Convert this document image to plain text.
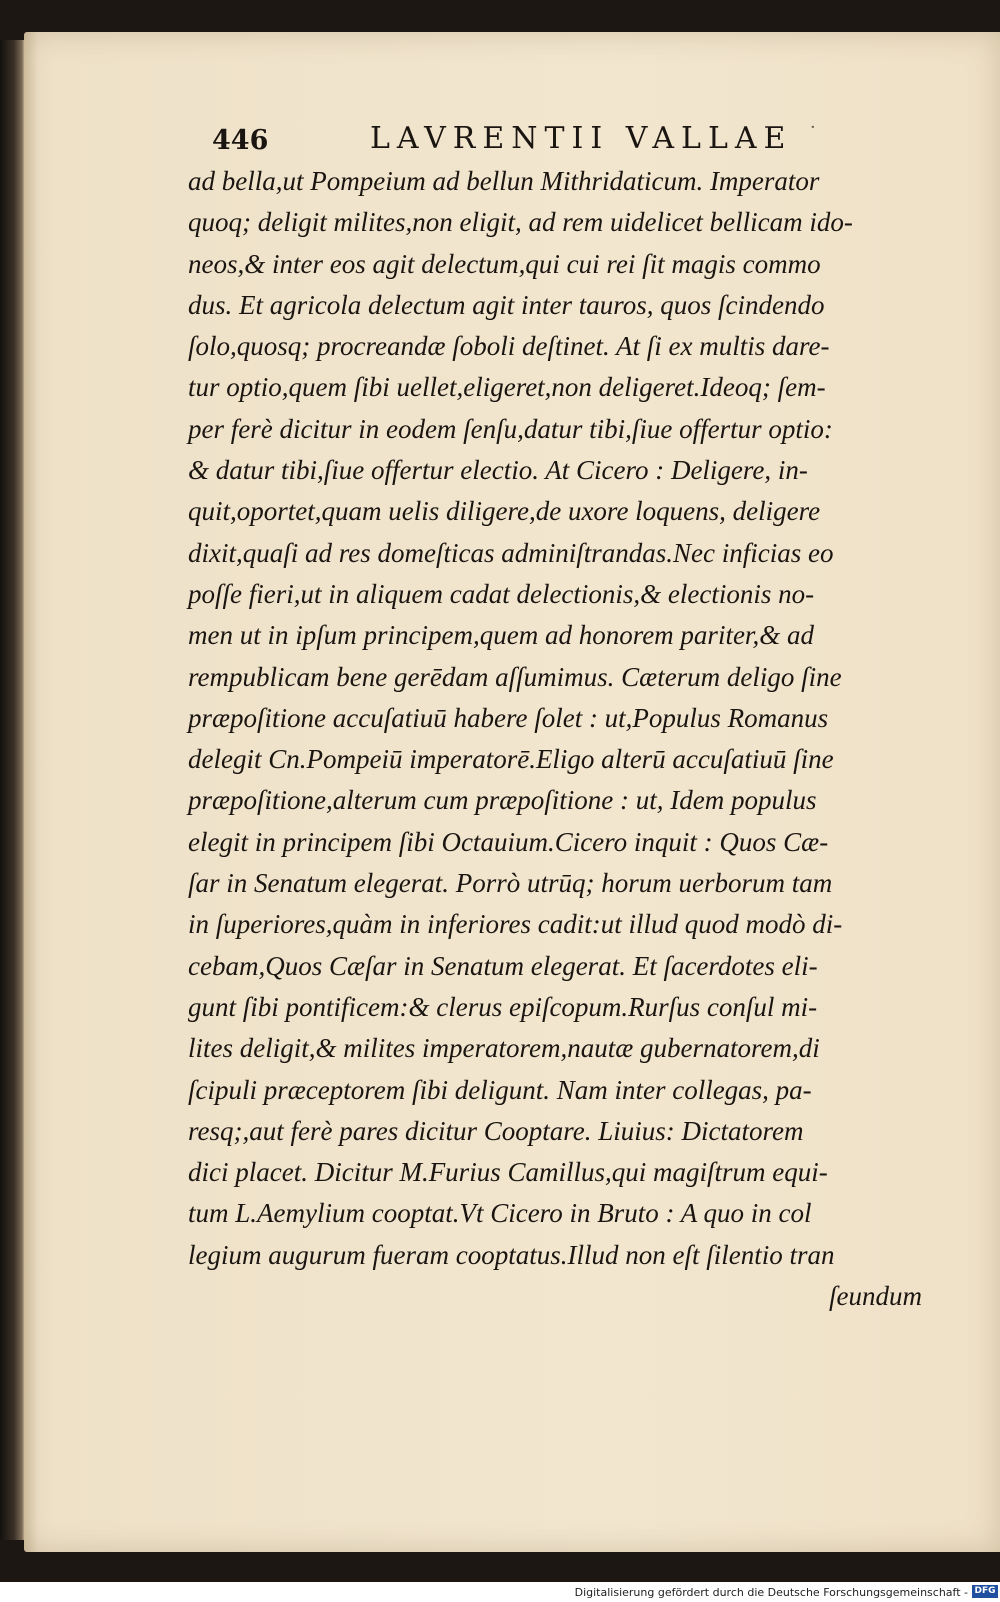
446	LAVRENTII VALLAE ·
ad bella,ut Pompeium ad bellun Mithridaticum. Imperator
quoq; deligit milites,non eligit, ad rem uidelicet bellicam ido-
neos,& inter eos agit delectum,qui cui rei ſit magis commo
dus. Et agricola delectum agit inter tauros, quos ſcindendo
ſolo,quosq; procreandæ ſoboli deſtinet. At ſi ex multis dare-
tur optio,quem ſibi uellet,eligeret,non deligeret.Ideoq; ſem-
per ferè dicitur in eodem ſenſu,datur tibi,ſiue offertur optio:
& datur tibi,ſiue offertur electio. At Cicero : Deligere, in-
quit,oportet,quam uelis diligere,de uxore loquens, deligere
dixit,quaſi ad res domeſticas adminiſtrandas.Nec inficias eo
poſſe fieri,ut in aliquem cadat delectionis,& electionis no-
men ut in ipſum principem,quem ad honorem pariter,& ad
rempublicam bene gerēdam aſſumimus. Cæterum deligo ſine
præpoſitione accuſatiuū habere ſolet : ut,Populus Romanus
delegit Cn.Pompeiū imperatorē.Eligo alterū accuſatiuū ſine
præpoſitione,alterum cum præpoſitione : ut, Idem populus
elegit in principem ſibi Octauium.Cicero inquit : Quos Cæ-
ſar in Senatum elegerat. Porrò utrūq; horum uerborum tam
in ſuperiores,quàm in inferiores cadit:ut illud quod modò di-
cebam,Quos Cæſar in Senatum elegerat. Et ſacerdotes eli-
gunt ſibi pontificem:& clerus epiſcopum.Rurſus conſul mi-
lites deligit,& milites imperatorem,nautæ gubernatorem,di
ſcipuli præceptorem ſibi deligunt. Nam inter collegas, pa-
resq;,aut ferè pares dicitur Cooptare. Liuius: Dictatorem
dici placet. Dicitur M.Furius Camillus,qui magiſtrum equi-
tum L.Aemylium cooptat.Vt Cicero in Bruto : A quo in col
legium augurum fueram cooptatus.Illud non eſt ſilentio tran
ſeundum
Digitalisierung gefördert durch die Deutsche Forschungsgemeinschaft - DFG
